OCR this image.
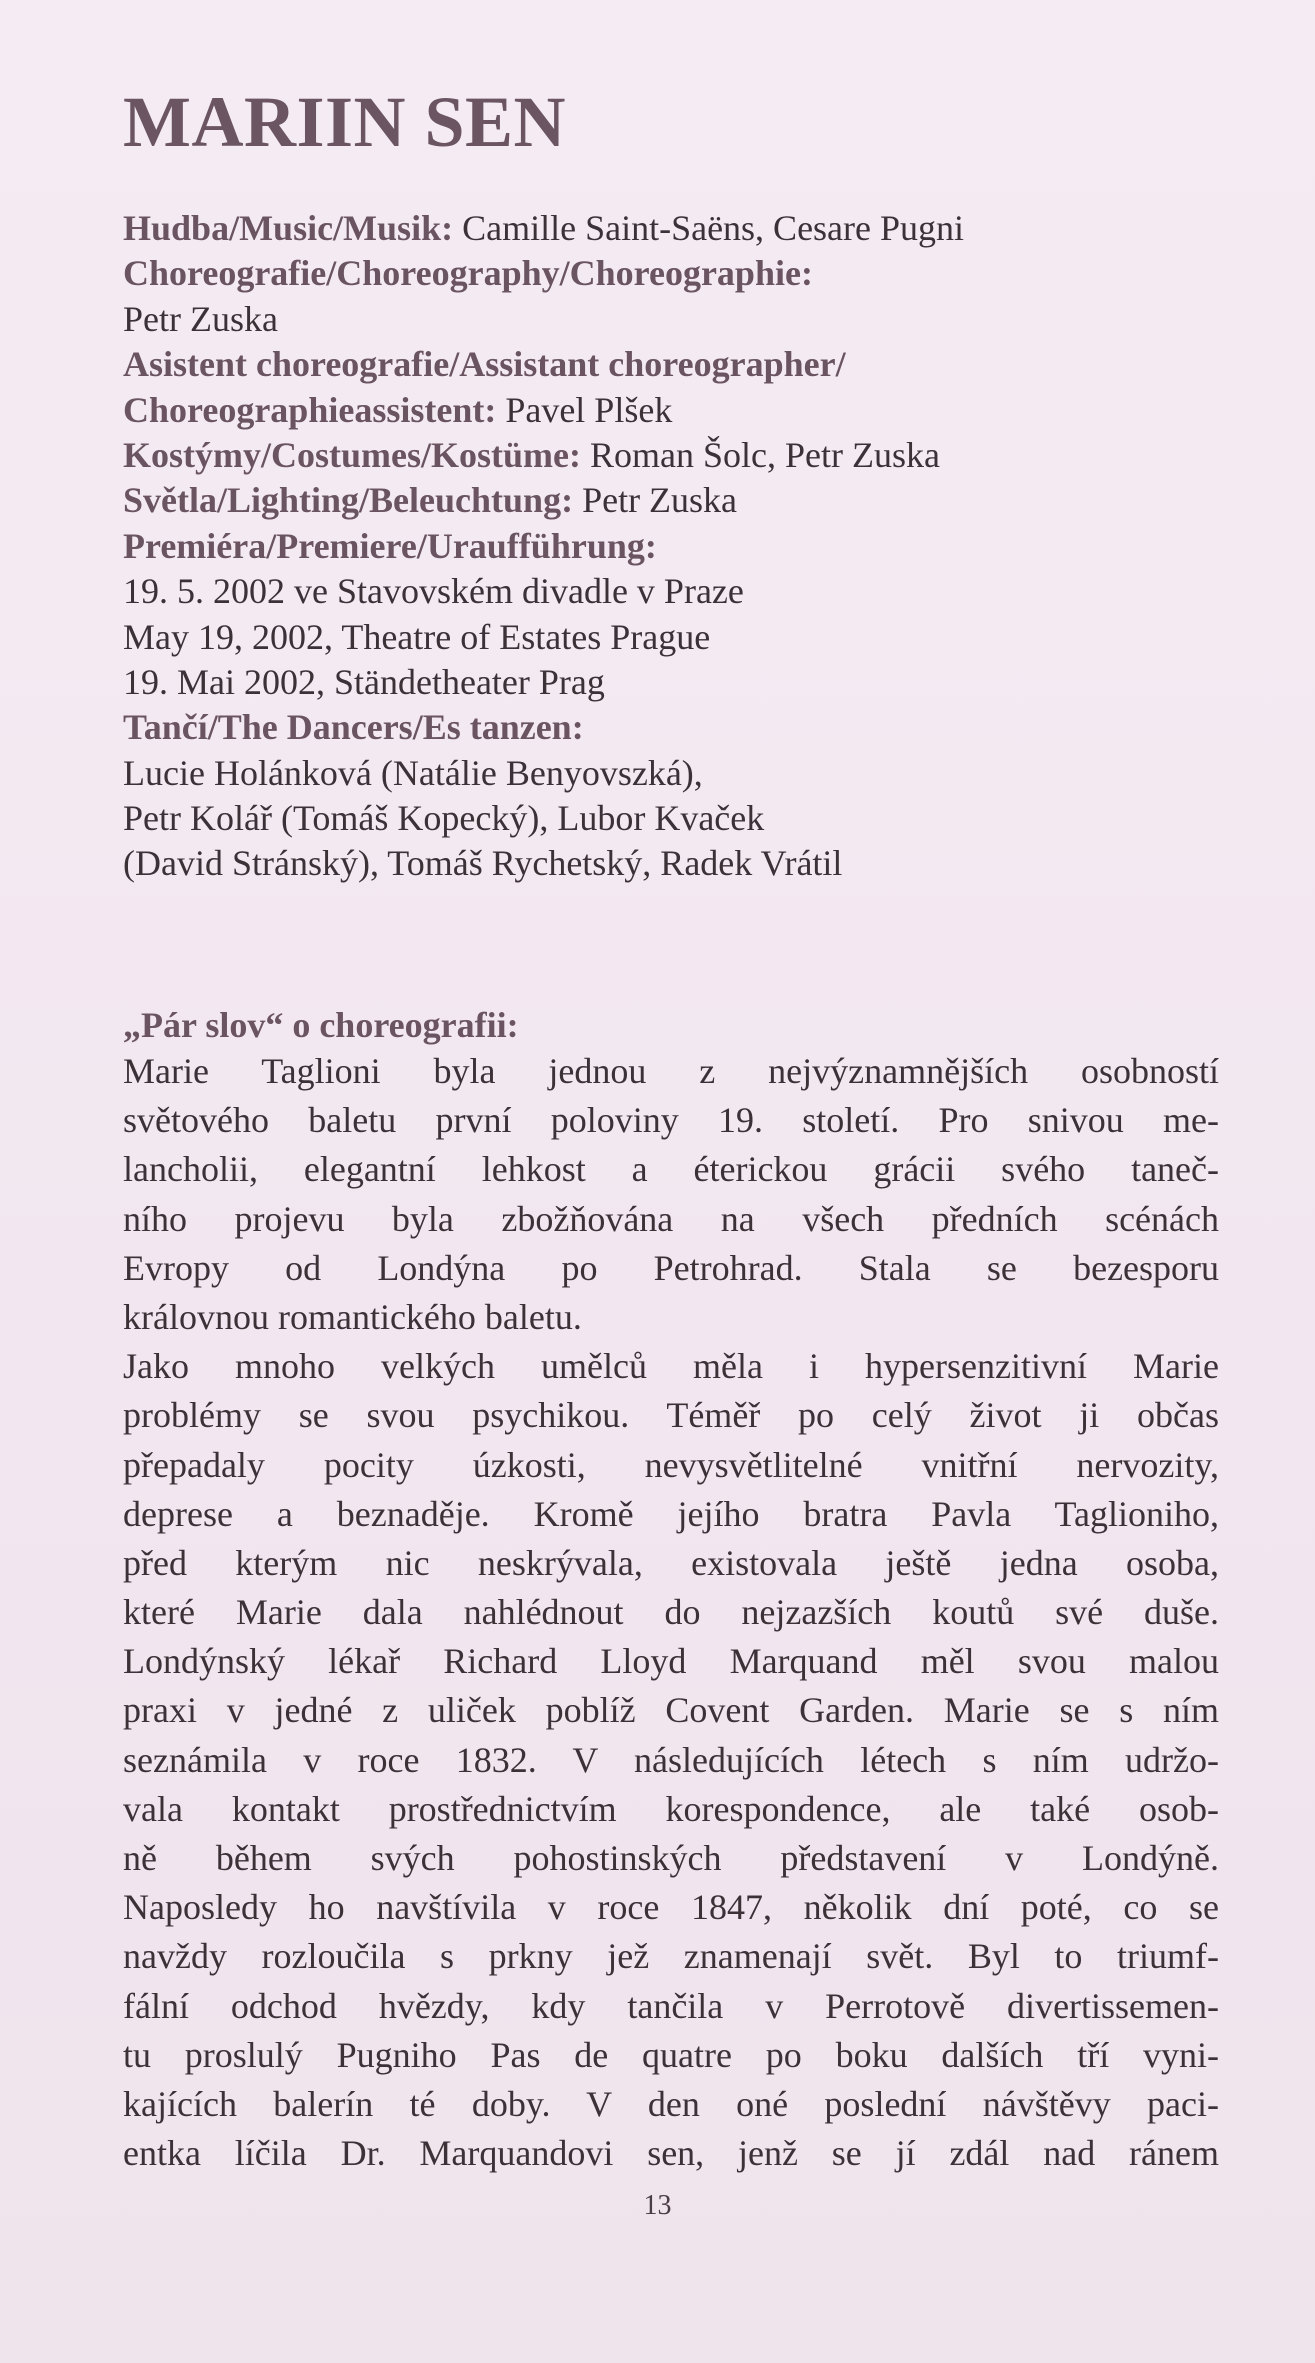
MARIIN SEN
Hudba/Music/Musik: Camille Saint-Saëns, Cesare Pugni
Choreografie/Choreography/Choreographie:
Petr Zuska
Asistent choreografie/Assistant choreographer/
Choreographieassistent: Pavel Plšek
Kostýmy/Costumes/Kostüme: Roman Šolc, Petr Zuska
Světla/Lighting/Beleuchtung: Petr Zuska
Premiéra/Premiere/Uraufführung:
19. 5. 2002 ve Stavovském divadle v Praze
May 19, 2002, Theatre of Estates Prague
19. Mai 2002, Ständetheater Prag
Tančí/The Dancers/Es tanzen:
Lucie Holánková (Natálie Benyovszká),
Petr Kolář (Tomáš Kopecký), Lubor Kvaček
(David Stránský), Tomáš Rychetský, Radek Vrátil
„Pár slov“ o choreografii:
Marie Taglioni byla jednou z nejvýznamnějších osobností
světového baletu první poloviny 19. století. Pro snivou me-
lancholii, elegantní lehkost a éterickou grácii svého taneč-
ního projevu byla zbožňována na všech předních scénách
Evropy od Londýna po Petrohrad. Stala se bezesporu
královnou romantického baletu.
Jako mnoho velkých umělců měla i hypersenzitivní Marie
problémy se svou psychikou. Téměř po celý život ji občas
přepadaly pocity úzkosti, nevysvětlitelné vnitřní nervozity,
deprese a beznaděje. Kromě jejího bratra Pavla Taglioniho,
před kterým nic neskrývala, existovala ještě jedna osoba,
které Marie dala nahlédnout do nejzazších koutů své duše.
Londýnský lékař Richard Lloyd Marquand měl svou malou
praxi v jedné z uliček poblíž Covent Garden. Marie se s ním
seznámila v roce 1832. V následujících létech s ním udržo-
vala kontakt prostřednictvím korespondence, ale také osob-
ně během svých pohostinských představení v Londýně.
Naposledy ho navštívila v roce 1847, několik dní poté, co se
navždy rozloučila s prkny jež znamenají svět. Byl to triumf-
fální odchod hvězdy, kdy tančila v Perrotově divertissemen-
tu proslulý Pugniho Pas de quatre po boku dalších tří vyni-
kajících balerín té doby. V den oné poslední návštěvy paci-
entka líčila Dr. Marquandovi sen, jenž se jí zdál nad ránem
13
